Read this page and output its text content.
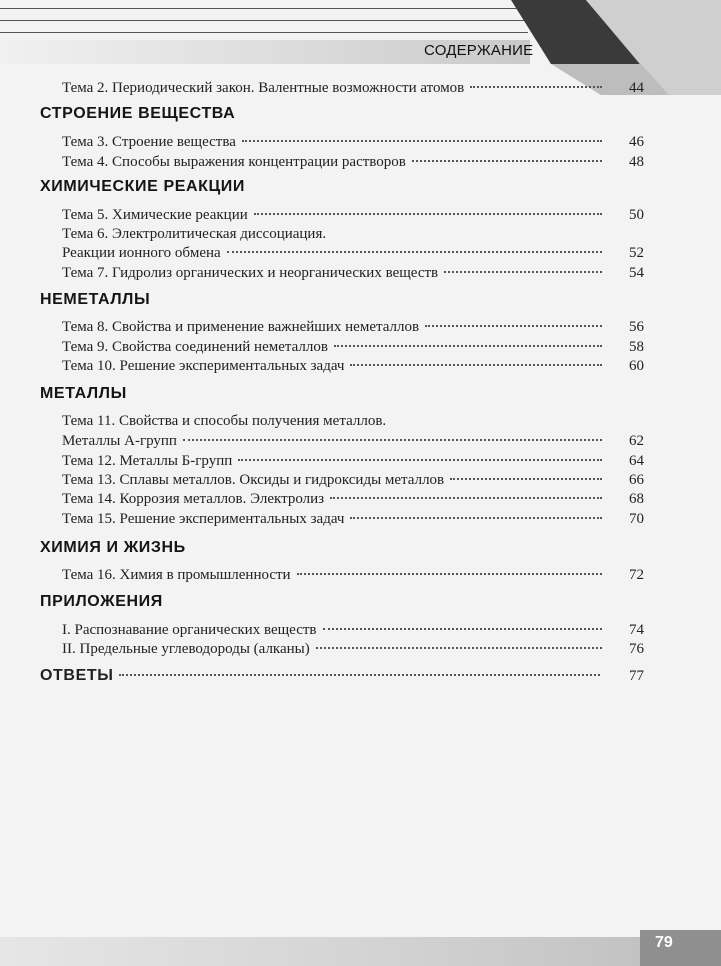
СОДЕРЖАНИЕ
Тема 2. Периодический закон. Валентные возможности атомов	44
СТРОЕНИЕ ВЕЩЕСТВА
Тема 3. Строение вещества	46
Тема 4. Способы выражения концентрации растворов	48
ХИМИЧЕСКИЕ РЕАКЦИИ
Тема 5. Химические реакции	50
Тема 6. Электролитическая диссоциация.
Реакции ионного обмена	52
Тема 7. Гидролиз органических и неорганических веществ	54
НЕМЕТАЛЛЫ
Тема 8. Свойства и применение важнейших неметаллов	56
Тема 9. Свойства соединений неметаллов	58
Тема 10. Решение экспериментальных задач	60
МЕТАЛЛЫ
Тема 11. Свойства и способы получения металлов.
Металлы А-групп	62
Тема 12. Металлы Б-групп	64
Тема 13. Сплавы металлов. Оксиды и гидроксиды металлов	66
Тема 14. Коррозия металлов. Электролиз	68
Тема 15. Решение экспериментальных задач	70
ХИМИЯ И ЖИЗНЬ
Тема 16. Химия в промышленности	72
ПРИЛОЖЕНИЯ
I. Распознавание органических веществ	74
II. Предельные углеводороды (алканы)	76
ОТВЕТЫ	77
79
